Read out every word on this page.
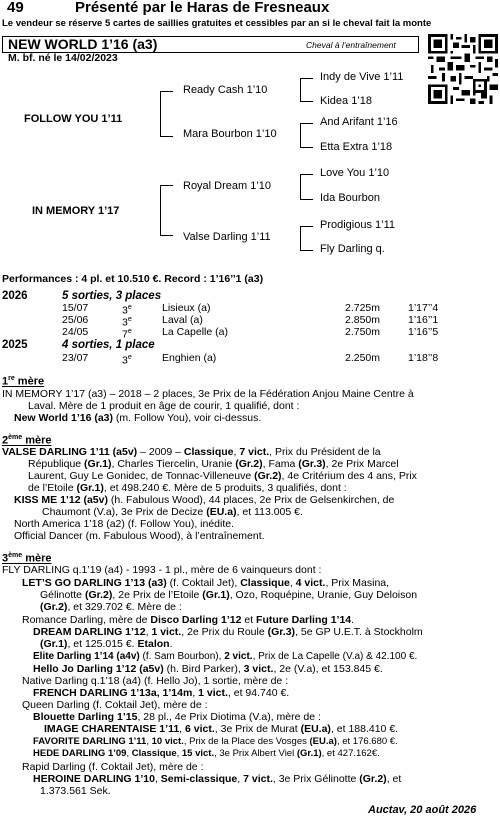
49	Présenté par le Haras de Fresneaux
Le vendeur se réserve 5 cartes de saillies gratuites et cessibles par an si le cheval fait la monte
NEW WORLD 1’16 (a3)	Cheval à l’entraînement
M. bf. né le 14/02/2023
FOLLOW YOU 1’11
IN MEMORY 1’17
Ready Cash 1’10
Mara Bourbon 1’10
Royal Dream 1’10
Valse Darling 1’11
Indy de Vive 1’11
Kidea 1’18
And Arifant 1’16
Etta Extra 1’18
Love You 1’10
Ida Bourbon
Prodigious 1’11
Fly Darling q.
Performances : 4 pl. et 10.510 €. Record : 1’16’’1 (a3)
2026	5 sorties, 3 places
15/07	3e	Lisieux (a)	2.725m	1’17’’4
25/06	3e	Laval (a)	2.850m	1’16’’1
24/05	7e	La Capelle (a)	2.750m	1’16’’5
2025	4 sorties, 1 place
23/07	3e	Enghien (a)	2.250m	1’18’’8
1re mère
IN MEMORY 1’17 (a3) – 2018 – 2 places, 3e Prix de la Fédération Anjou Maine Centre à
Laval. Mère de 1 produit en âge de courir, 1 qualifié, dont :
New World 1’16 (a3) (m. Follow You), voir ci-dessus.
2ème mère
VALSE DARLING 1’11 (a5v) – 2009 – Classique, 7 vict., Prix du Président de la
République (Gr.1), Charles Tiercelin, Uranie (Gr.2), Fama (Gr.3), 2e Prix Marcel
Laurent, Guy Le Gonidec, de Tonnac-Villeneuve (Gr.2), 4e Critérium des 4 ans, Prix
de l’Etoile (Gr.1), et 498.240 €. Mère de 5 produits, 3 qualifiés, dont :
KISS ME 1’12 (a5v) (h. Fabulous Wood), 44 places, 2e Prix de Gelsenkirchen, de
Chaumont (V.a), 3e Prix de Decize (EU.a), et 113.005 €.
North America 1’18 (a2) (f. Follow You), inédite.
Official Dancer (m. Fabulous Wood), à l’entraînement.
3ème mère
FLY DARLING q.1’19 (a4) - 1993 - 1 pl., mère de 6 vainqueurs dont :
LET’S GO DARLING 1’13 (a3) (f. Coktail Jet), Classique, 4 vict., Prix Masina,
Gélinotte (Gr.2), 2e Prix de l’Etoile (Gr.1), Ozo, Roquépine, Uranie, Guy Deloison
(Gr.2), et 329.702 €. Mère de :
Romance Darling, mère de Disco Darling 1’12 et Future Darling 1’14.
DREAM DARLING 1’12, 1 vict., 2e Prix du Roule (Gr.3), 5e GP U.E.T. à Stockholm
(Gr.1), et 125.015 €. Etalon.
Elite Darling 1’14 (a4v) (f. Sam Bourbon), 2 vict., Prix de La Capelle (V.a) & 42.100 €.
Hello Jo Darling 1’12 (a5v) (h. Bird Parker), 3 vict., 2e (V.a), et 153.845 €.
Native Darling q.1’18 (a4) (f. Hello Jo), 1 sortie, mère de :
FRENCH DARLING 1’13a, 1’14m, 1 vict., et 94.740 €.
Queen Darling (f. Coktail Jet), mère de :
Blouette Darling 1’15, 28 pl., 4e Prix Diotima (V.a), mère de :
IMAGE CHARENTAISE 1’11, 6 vict., 3e Prix de Murat (EU.a), et 188.410 €.
FAVORITE DARLING 1’11, 10 vict., Prix de la Place des Vosges (EU.a), et 176.680 €.
HEDE DARLING 1’09, Classique, 15 vict., 3e Prix Albert Viel (Gr.1), et 427.162€.
Rapid Darling (f. Coktail Jet), mère de :
HEROINE DARLING 1’10, Semi-classique, 7 vict., 3e Prix Gélinotte (Gr.2), et
1.373.561 Sek.
Auctav, 20 août 2026
